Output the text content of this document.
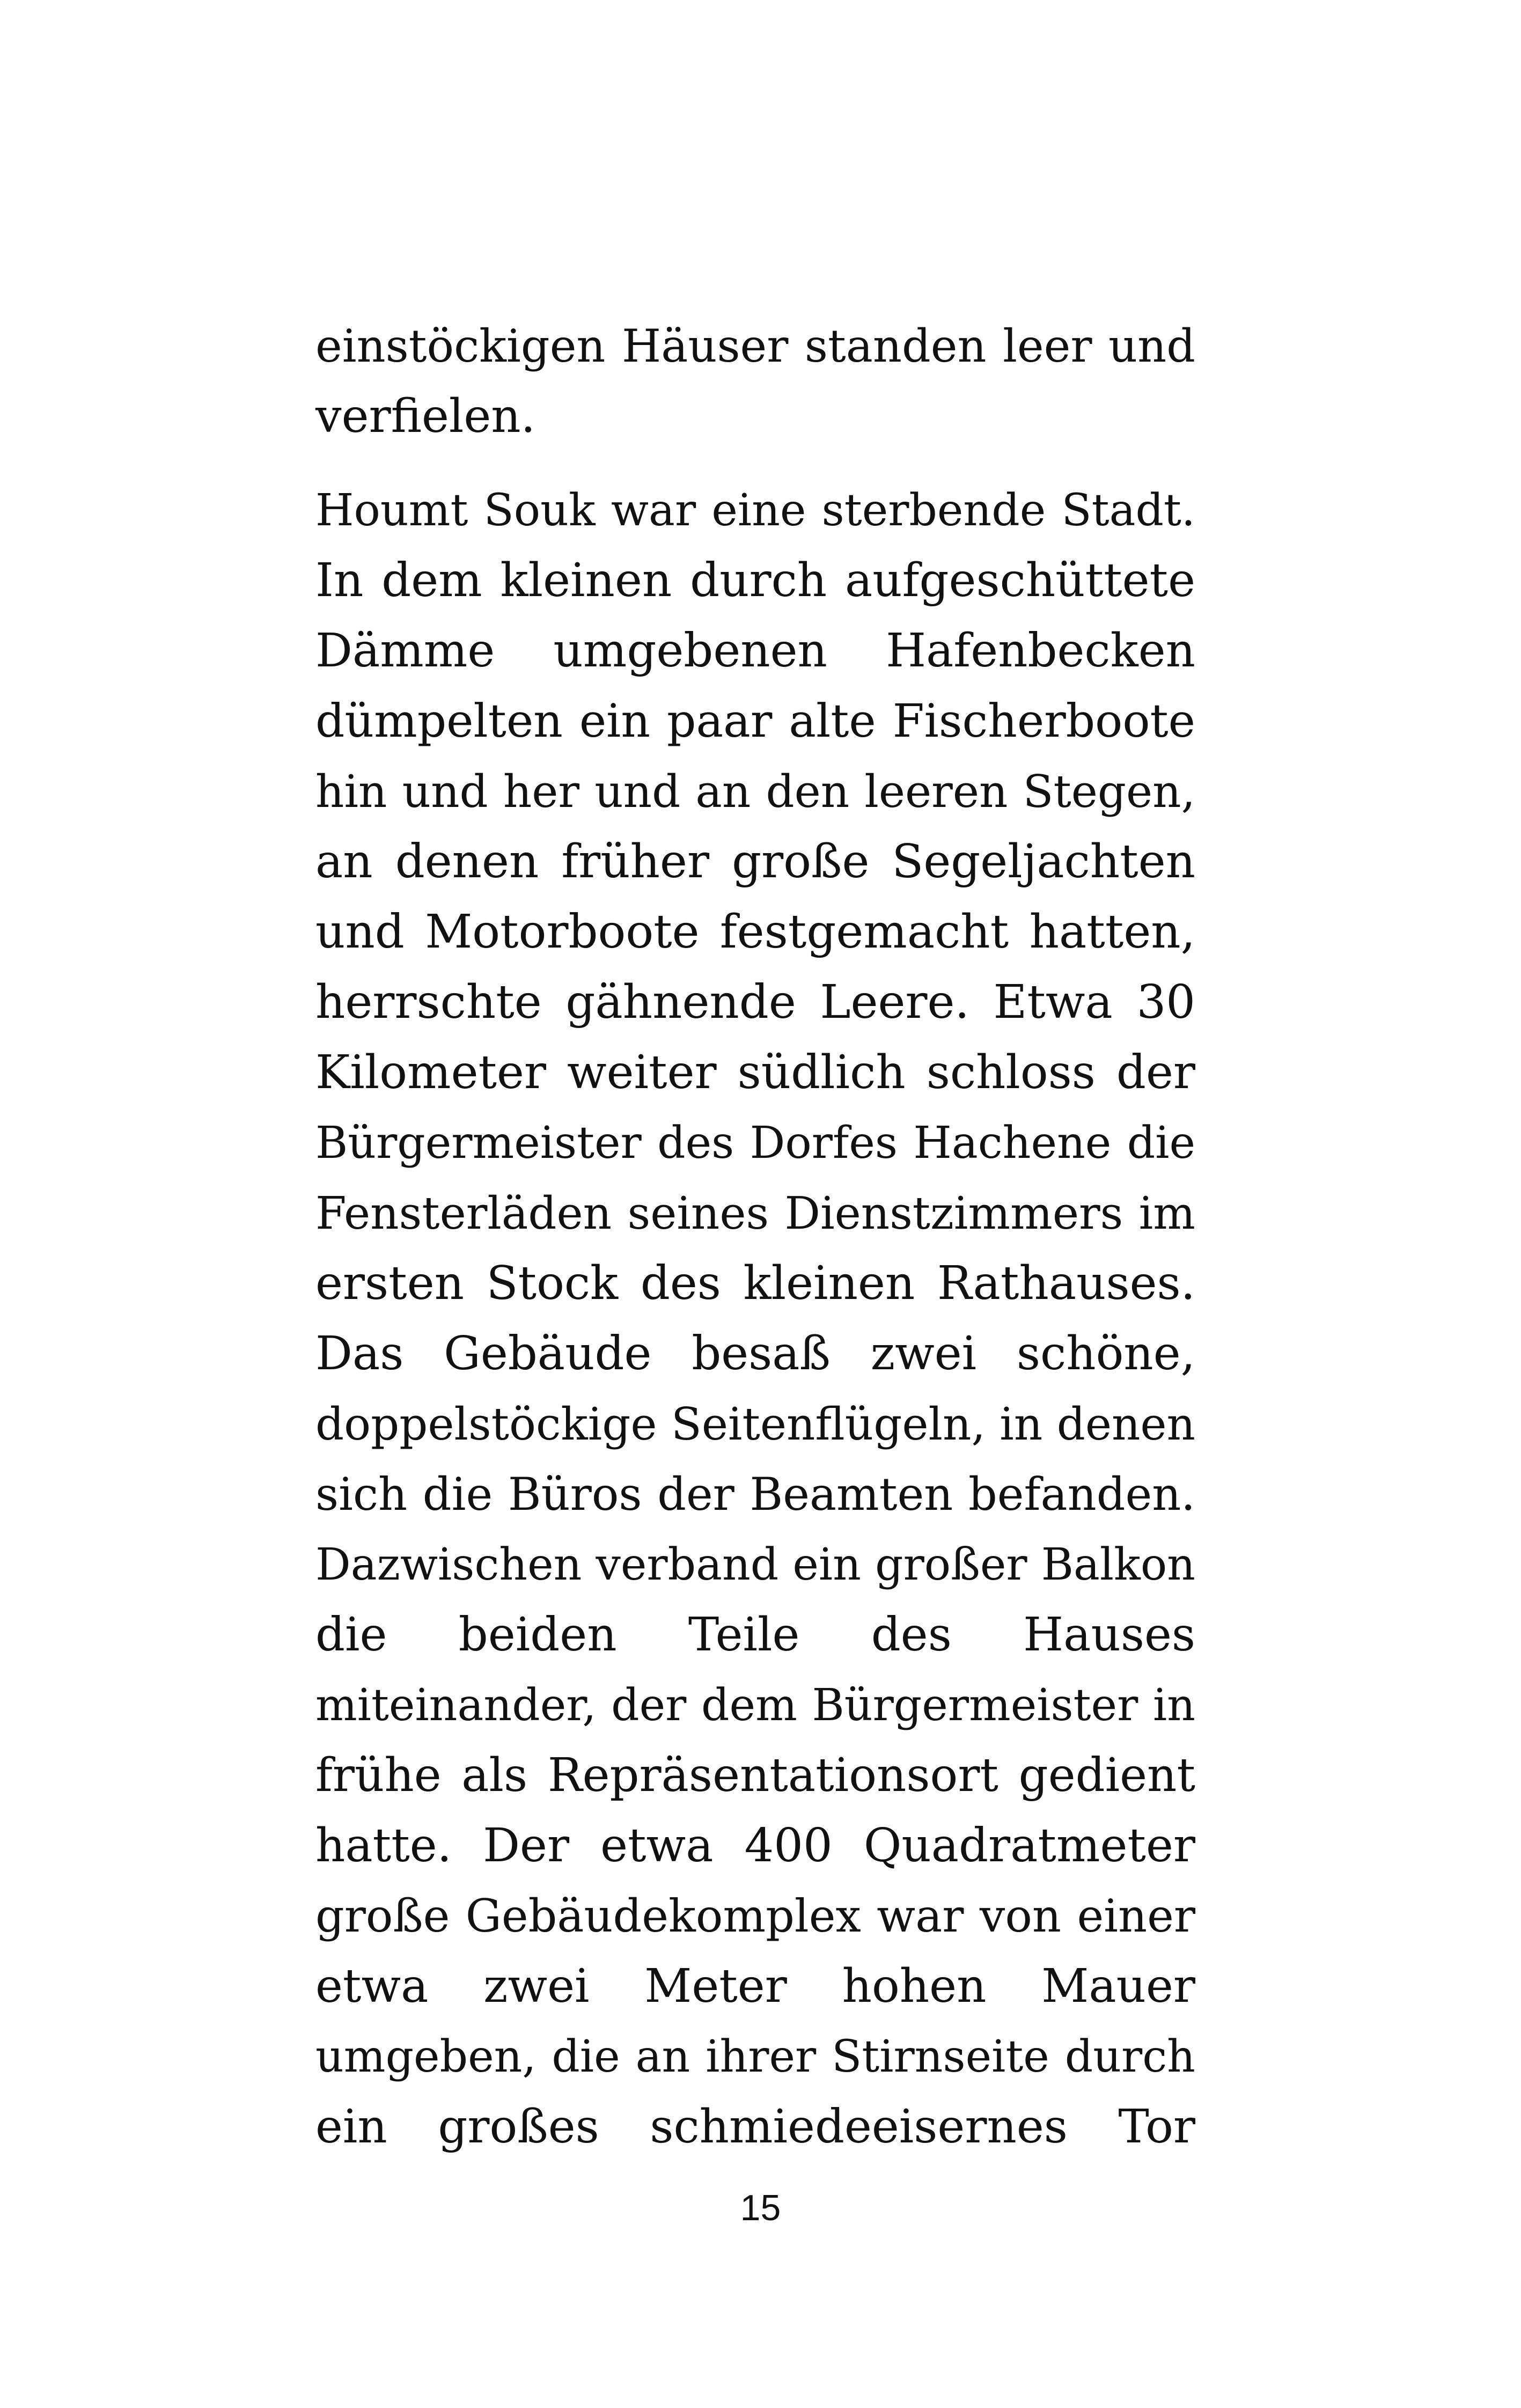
einstöckigen Häuser standen leer und
verfielen.

Houmt Souk war eine sterbende Stadt.
In dem kleinen durch aufgeschüttete
Dämme umgebenen Hafenbecken
dümpelten ein paar alte Fischerboote
hin und her und an den leeren Stegen,
an denen früher große Segeljachten
und Motorboote festgemacht hatten,
herrschte gähnende Leere. Etwa 30
Kilometer weiter südlich schloss der
Bürgermeister des Dorfes Hachene die
Fensterläden seines Dienstzimmers im
ersten Stock des kleinen Rathauses.
Das Gebäude besaß zwei schöne,
doppelstöckige Seitenflügeln, in denen
sich die Büros der Beamten befanden.
Dazwischen verband ein großer Balkon
die beiden Teile des Hauses
miteinander, der dem Bürgermeister in
frühe als Repräsentationsort gedient
hatte. Der etwa 400 Quadratmeter
große Gebäudekomplex war von einer
etwa zwei Meter hohen Mauer
umgeben, die an ihrer Stirnseite durch
ein großes schmiedeeisernes Tor

15
